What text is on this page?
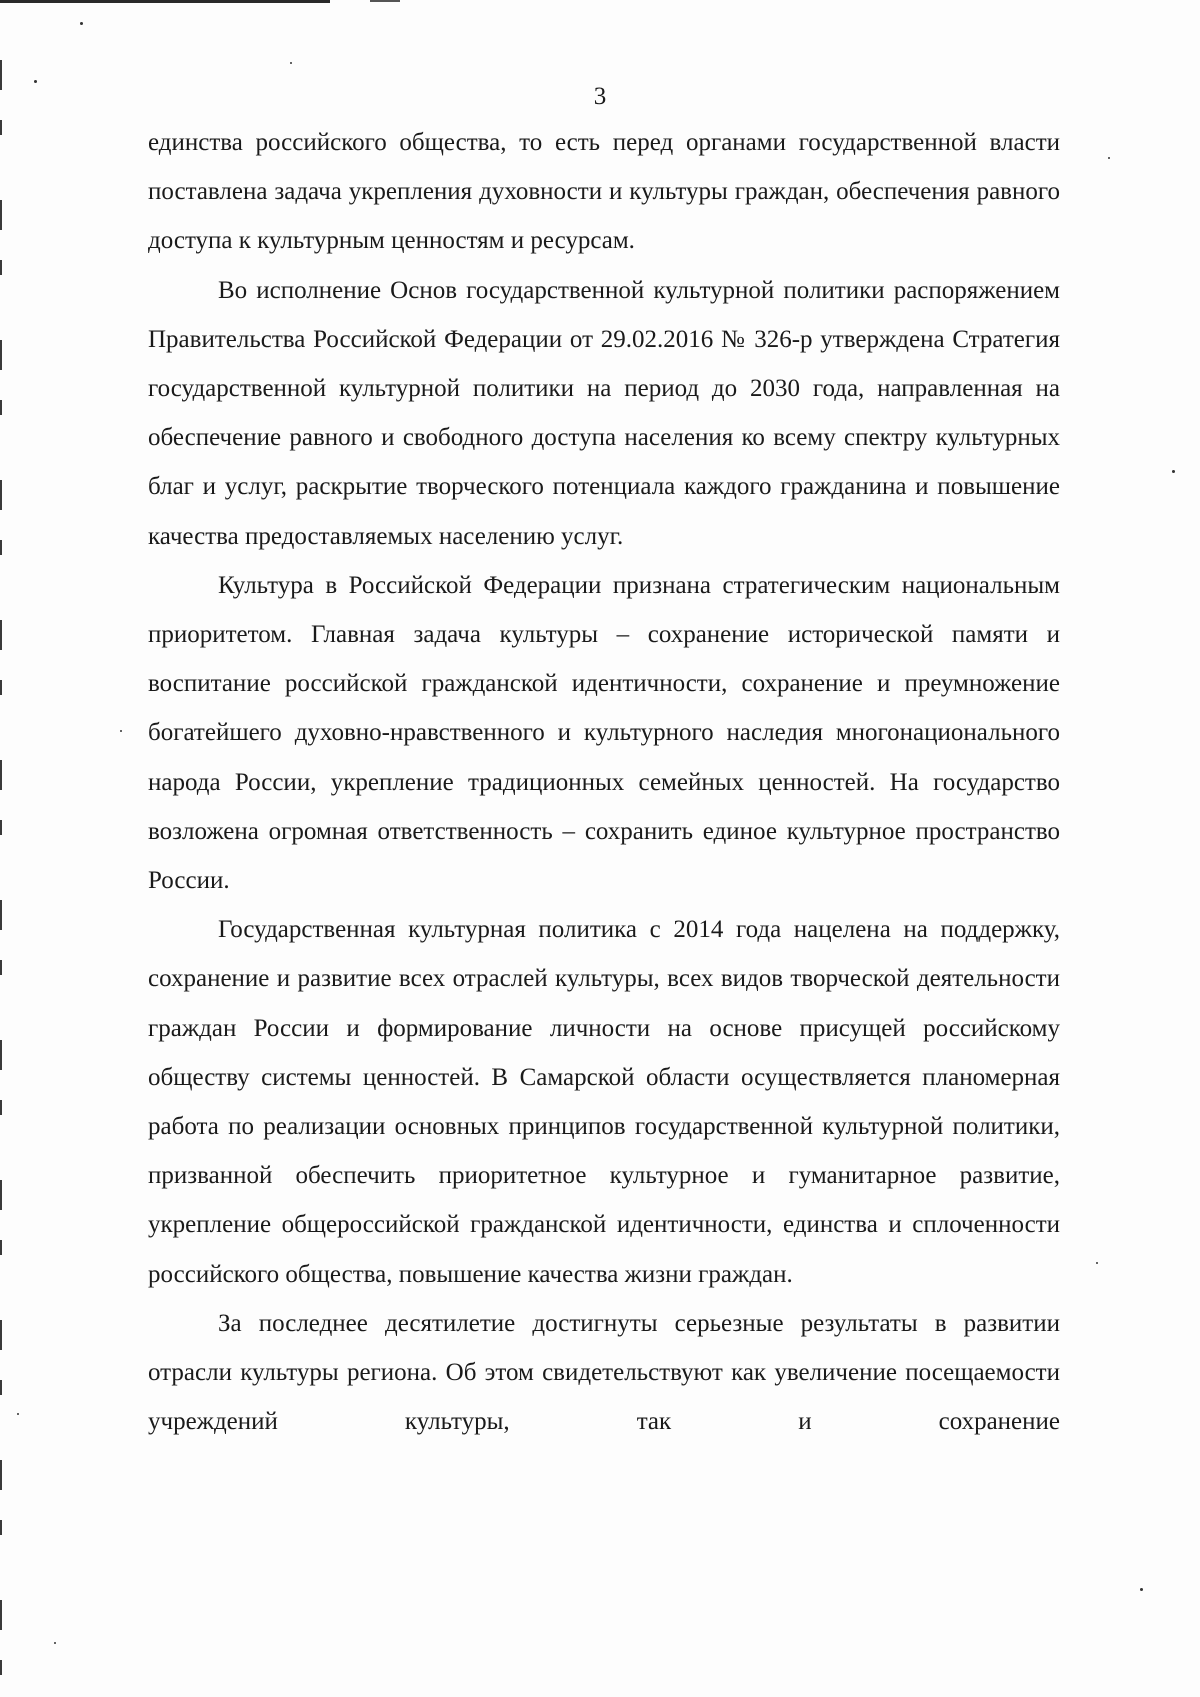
3

единства российского общества, то есть перед органами государственной власти поставлена задача укрепления духовности и культуры граждан, обеспечения равного доступа к культурным ценностям и ресурсам.

Во исполнение Основ государственной культурной политики распоряжением Правительства Российской Федерации от 29.02.2016 № 326-р утверждена Стратегия государственной культурной политики на период до 2030 года, направленная на обеспечение равного и свободного доступа населения ко всему спектру культурных благ и услуг, раскрытие творческого потенциала каждого гражданина и повышение качества предоставляемых населению услуг.

Культура в Российской Федерации признана стратегическим национальным приоритетом. Главная задача культуры – сохранение исторической памяти и воспитание российской гражданской идентичности, сохранение и преумножение богатейшего духовно-нравственного и культурного наследия многонационального народа России, укрепление традиционных семейных ценностей. На государство возложена огромная ответственность – сохранить единое культурное пространство России.

Государственная культурная политика с 2014 года нацелена на поддержку, сохранение и развитие всех отраслей культуры, всех видов творческой деятельности граждан России и формирование личности на основе присущей российскому обществу системы ценностей. В Самарской области осуществляется планомерная работа по реализации основных принципов государственной культурной политики, призванной обеспечить приоритетное культурное и гуманитарное развитие, укрепление общероссийской гражданской идентичности, единства и сплоченности российского общества, повышение качества жизни граждан.

За последнее десятилетие достигнуты серьезные результаты в развитии отрасли культуры региона. Об этом свидетельствуют как увеличение посещаемости учреждений культуры, так и сохранение
